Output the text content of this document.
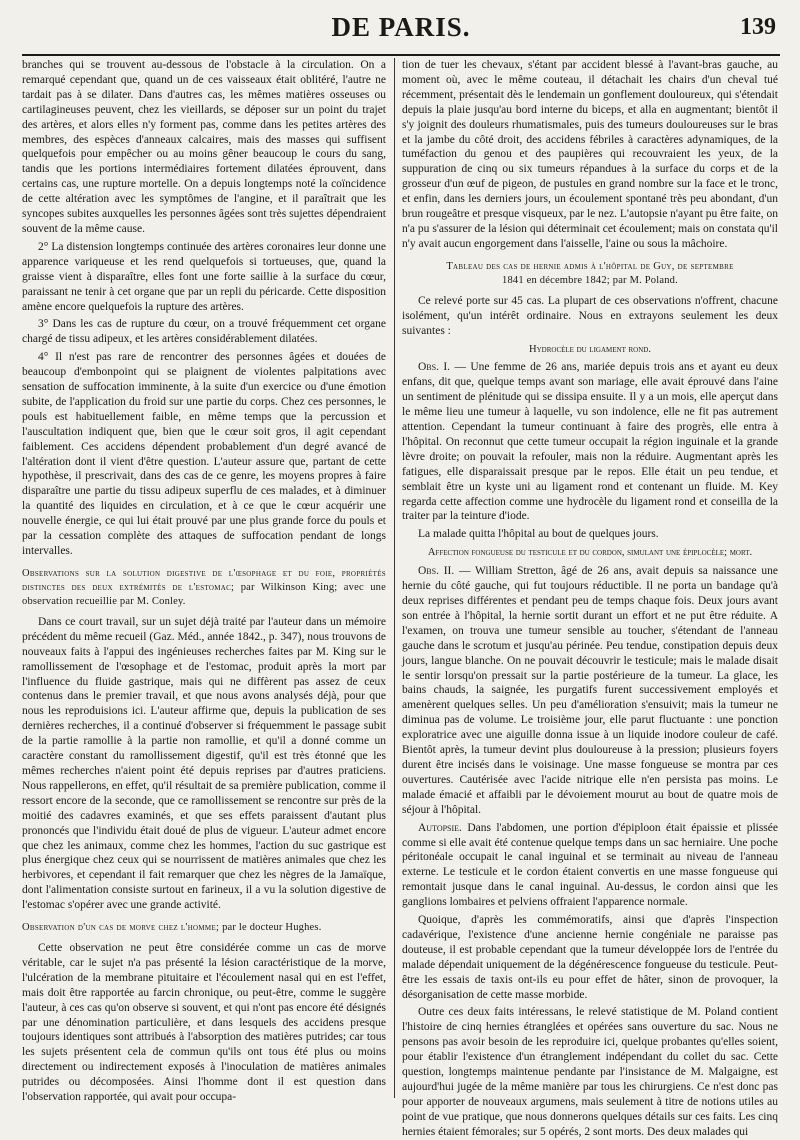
DE PARIS.	139

branches qui se trouvent au-dessous de l'obstacle à la circulation. On a remarqué cependant que, quand un de ces vaisseaux était oblitéré, l'autre ne tardait pas à se dilater. Dans d'autres cas, les mêmes matières osseuses ou cartilagineuses peuvent, chez les vieillards, se déposer sur un point du trajet des artères, et alors elles n'y forment pas, comme dans les petites artères des membres, des espèces d'anneaux calcaires, mais des masses qui suffisent quelquefois pour empêcher ou au moins gêner beaucoup le cours du sang, tandis que les portions intermédiaires fortement dilatées éprouvent, dans certains cas, une rupture mortelle. On a depuis longtemps noté la coïncidence de cette altération avec les symptômes de l'angine, et il paraîtrait que les syncopes subites auxquelles les personnes âgées sont très sujettes dépendraient souvent de la même cause.

2° La distension longtemps continuée des artères coronaires leur donne une apparence variqueuse et les rend quelquefois si tortueuses, que, quand la graisse vient à disparaître, elles font une forte saillie à la surface du cœur, paraissant ne tenir à cet organe que par un repli du péricarde. Cette disposition amène encore quelquefois la rupture des artères.

3° Dans les cas de rupture du cœur, on a trouvé fréquemment cet organe chargé de tissu adipeux, et les artères considérablement dilatées.

4° Il n'est pas rare de rencontrer des personnes âgées et douées de beaucoup d'embonpoint qui se plaignent de violentes palpitations avec sensation de suffocation imminente, à la suite d'un exercice ou d'une émotion subite, de l'application du froid sur une partie du corps. Chez ces personnes, le pouls est habituellement faible, en même temps que la percussion et l'auscultation indiquent que, bien que le cœur soit gros, il agit cependant faiblement. Ces accidens dépendent probablement d'un degré avancé de l'altération dont il vient d'être question. L'auteur assure que, partant de cette hypothèse, il prescrivait, dans des cas de ce genre, les moyens propres à faire disparaître une partie du tissu adipeux superflu de ces malades, et à diminuer la quantité des liquides en circulation, et à ce que le cœur acquérir une nouvelle énergie, ce qui lui était prouvé par une plus grande force du pouls et par la cessation complète des attaques de suffocation pendant de longs intervalles.

Observations sur la solution digestive de l'œsophage et du foie, propriétés distinctes des deux extrémités de l'estomac; par Wilkinson King; avec une observation recueillie par M. Conley.

Dans ce court travail, sur un sujet déjà traité par l'auteur dans un mémoire précédent du même recueil (Gaz. Méd., année 1842., p. 347), nous trouvons de nouveaux faits à l'appui des ingénieuses recherches faites par M. King sur le ramollissement de l'œsophage et de l'estomac, produit après la mort par l'influence du fluide gastrique, mais qui ne diffèrent pas assez de ceux contenus dans le premier travail, et que nous avons analysés déjà, pour que nous les reproduisions ici. L'auteur affirme que, depuis la publication de ses dernières recherches, il a continué d'observer si fréquemment le passage subit de la partie ramollie à la partie non ramollie, et qu'il a donné comme un caractère constant du ramollissement digestif, qu'il est très étonné que les mêmes recherches n'aient point été depuis reprises par d'autres praticiens. Nous rappellerons, en effet, qu'il résultait de sa première publication, comme il ressort encore de la seconde, que ce ramollissement se rencontre sur près de la moitié des cadavres examinés, et que ses effets paraissent d'autant plus prononcés que l'individu était doué de plus de vigueur. L'auteur admet encore que chez les animaux, comme chez les hommes, l'action du suc gastrique est plus énergique chez ceux qui se nourrissent de matières animales que chez les herbivores, et cependant il fait remarquer que chez les nègres de la Jamaïque, dont l'alimentation consiste surtout en farineux, il a vu la solution digestive de l'estomac s'opérer avec une grande activité.

Observation d'un cas de morve chez l'homme; par le docteur Hughes.

Cette observation ne peut être considérée comme un cas de morve véritable, car le sujet n'a pas présenté la lésion caractéristique de la morve, l'ulcération de la membrane pituitaire et l'écoulement nasal qui en est l'effet, mais doit être rapportée au farcin chronique, ou peut-être, comme le suggère l'auteur, à ces cas qu'on observe si souvent, et qui n'ont pas encore été désignés par une dénomination particulière, et dans lesquels des accidens presque toujours identiques sont attribués à l'absorption des matières putrides; car tous les sujets présentent cela de commun qu'ils ont tous été plus ou moins directement ou indirectement exposés à l'inoculation de matières animales putrides ou décomposées. Ainsi l'homme dont il est question dans l'observation rapportée, qui avait pour occupa-

tion de tuer les chevaux, s'étant par accident blessé à l'avant-bras gauche, au moment où, avec le même couteau, il détachait les chairs d'un cheval tué récemment, présentait dès le lendemain un gonflement douloureux, qui s'étendait depuis la plaie jusqu'au bord interne du biceps, et alla en augmentant; bientôt il s'y joignit des douleurs rhumatismales, puis des tumeurs douloureuses sur le bras et la jambe du côté droit, des accidens fébriles à caractères adynamiques, de la tuméfaction du genou et des paupières qui recouvraient les yeux, de la suppuration de cinq ou six tumeurs répandues à la surface du corps et de la grosseur d'un œuf de pigeon, de pustules en grand nombre sur la face et le tronc, et enfin, dans les derniers jours, un écoulement spontané très peu abondant, d'un brun rougeâtre et presque visqueux, par le nez. L'autopsie n'ayant pu être faite, on n'a pu s'assurer de la lésion qui déterminait cet écoulement; mais on constata qu'il n'y avait aucun engorgement dans l'aisselle, l'aine ou sous la mâchoire.

Tableau des cas de hernie admis à l'hôpital de Guy, de septembre
1841 en décembre 1842; par M. Poland.

Ce relevé porte sur 45 cas. La plupart de ces observations n'offrent, chacune isolément, qu'un intérêt ordinaire. Nous en extrayons seulement les deux suivantes :

Hydrocèle du ligament rond.

Obs. I. — Une femme de 26 ans, mariée depuis trois ans et ayant eu deux enfans, dit que, quelque temps avant son mariage, elle avait éprouvé dans l'aine un sentiment de plénitude qui se dissipa ensuite. Il y a un mois, elle aperçut dans le même lieu une tumeur à laquelle, vu son indolence, elle ne fit pas autrement attention. Cependant la tumeur continuant à faire des progrès, elle entra à l'hôpital. On reconnut que cette tumeur occupait la région inguinale et la grande lèvre droite; on pouvait la refouler, mais non la réduire. Augmentant après les fatigues, elle disparaissait presque par le repos. Elle était un peu tendue, et semblait être un kyste uni au ligament rond et contenant un fluide. M. Key regarda cette affection comme une hydrocèle du ligament rond et conseilla de la traiter par la teinture d'iode.

La malade quitta l'hôpital au bout de quelques jours.

Affection fongueuse du testicule et du cordon, simulant une épiplocèle; mort.

Obs. II. — William Stretton, âgé de 26 ans, avait depuis sa naissance une hernie du côté gauche, qui fut toujours réductible. Il ne porta un bandage qu'à deux reprises différentes et pendant peu de temps chaque fois. Deux jours avant son entrée à l'hôpital, la hernie sortit durant un effort et ne put être réduite. A l'examen, on trouva une tumeur sensible au toucher, s'étendant de l'anneau gauche dans le scrotum et jusqu'au périnée. Peu tendue, constipation depuis deux jours, langue blanche. On ne pouvait découvrir le testicule; mais le malade disait le sentir lorsqu'on pressait sur la partie postérieure de la tumeur. La glace, les bains chauds, la saignée, les purgatifs furent successivement employés et amenèrent quelques selles. Un peu d'amélioration s'ensuivit; mais la tumeur ne diminua pas de volume. Le troisième jour, elle parut fluctuante : une ponction exploratrice avec une aiguille donna issue à un liquide inodore couleur de café. Bientôt après, la tumeur devint plus douloureuse à la pression; plusieurs foyers durent être incisés dans le voisinage. Une masse fongueuse se montra par ces ouvertures. Cautérisée avec l'acide nitrique elle n'en persista pas moins. Le malade émacié et affaibli par le dévoiement mourut au bout de quatre mois de séjour à l'hôpital.

Autopsie. Dans l'abdomen, une portion d'épiploon était épaissie et plissée comme si elle avait été contenue quelque temps dans un sac herniaire. Une poche péritonéale occupait le canal inguinal et se terminait au niveau de l'anneau externe. Le testicule et le cordon étaient convertis en une masse fongueuse qui remontait jusque dans le canal inguinal. Au-dessus, le cordon ainsi que les ganglions lombaires et pelviens offraient l'apparence normale.

Quoique, d'après les commémoratifs, ainsi que d'après l'inspection cadavérique, l'existence d'une ancienne hernie congéniale ne paraisse pas douteuse, il est probable cependant que la tumeur développée lors de l'entrée du malade dépendait uniquement de la dégénérescence fongueuse du testicule. Peut-être les essais de taxis ont-ils eu pour effet de hâter, sinon de provoquer, la désorganisation de cette masse morbide.

Outre ces deux faits intéressans, le relevé statistique de M. Poland contient l'histoire de cinq hernies étranglées et opérées sans ouverture du sac. Nous ne pensons pas avoir besoin de les reproduire ici, quelque probantes qu'elles soient, pour établir l'existence d'un étranglement indépendant du collet du sac. Cette question, longtemps maintenue pendante par l'insistance de M. Malgaigne, est aujourd'hui jugée de la même manière par tous les chirurgiens. Ce n'est donc pas pour apporter de nouveaux argumens, mais seulement à titre de notions utiles au point de vue pratique, que nous donnerons quelques détails sur ces faits. Les cinq hernies étaient fémorales; sur 5 opérés, 2 sont morts. Des deux malades qui
